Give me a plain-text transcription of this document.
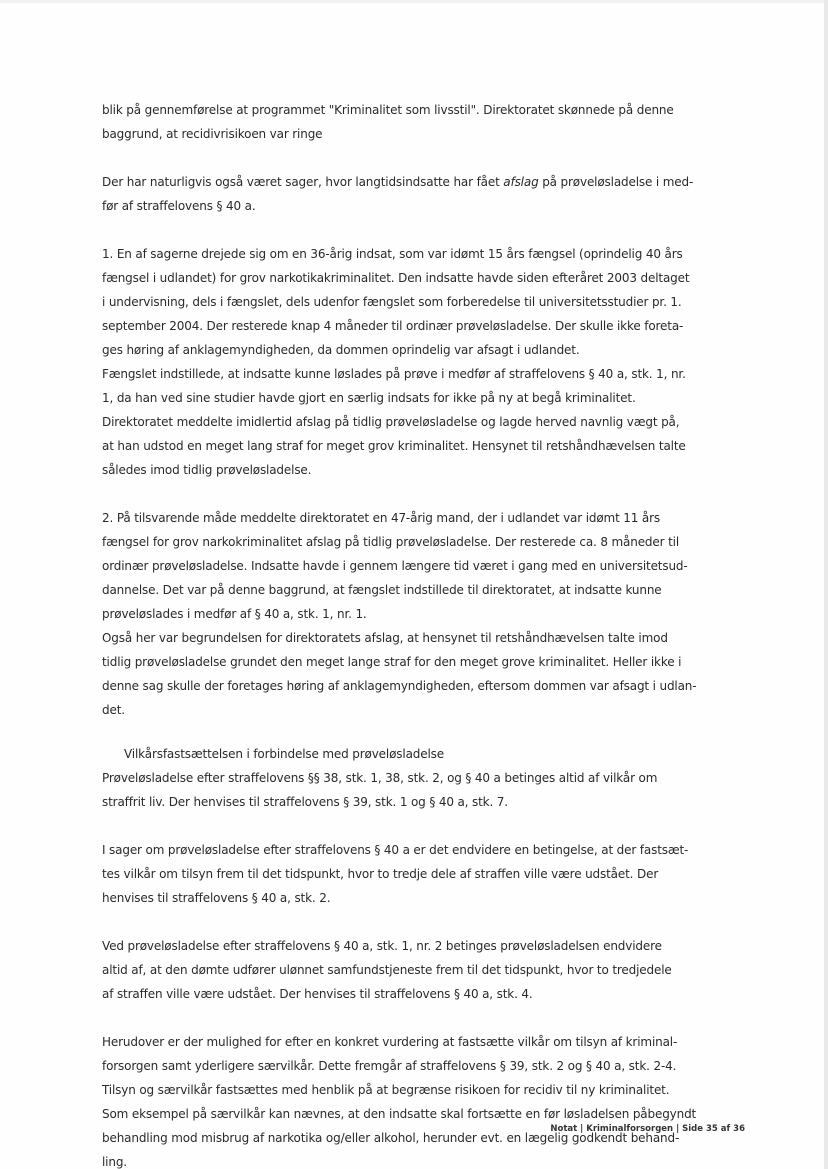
blik på gennemførelse at programmet "Kriminalitet som livsstil". Direktoratet skønnede på denne
baggrund, at recidivrisikoen var ringe
Der har naturligvis også været sager, hvor langtidsindsatte har fået afslag på prøveløsladelse i med-
før af straffelovens § 40 a.
1. En af sagerne drejede sig om en 36-årig indsat, som var idømt 15 års fængsel (oprindelig 40 års
fængsel i udlandet) for grov narkotikakriminalitet. Den indsatte havde siden efteråret 2003 deltaget
i undervisning, dels i fængslet, dels udenfor fængslet som forberedelse til universitetsstudier pr. 1.
september 2004. Der resterede knap 4 måneder til ordinær prøveløsladelse. Der skulle ikke foreta-
ges høring af anklagemyndigheden, da dommen oprindelig var afsagt i udlandet.
Fængslet indstillede, at indsatte kunne løslades på prøve i medfør af straffelovens § 40 a, stk. 1, nr.
1, da han ved sine studier havde gjort en særlig indsats for ikke på ny at begå kriminalitet.
Direktoratet meddelte imidlertid afslag på tidlig prøveløsladelse og lagde herved navnlig vægt på,
at han udstod en meget lang straf for meget grov kriminalitet. Hensynet til retshåndhævelsen talte
således imod tidlig prøveløsladelse.
2. På tilsvarende måde meddelte direktoratet en 47-årig mand, der i udlandet var idømt 11 års
fængsel for grov narkokriminalitet afslag på tidlig prøveløsladelse. Der resterede ca. 8 måneder til
ordinær prøveløsladelse. Indsatte havde i gennem længere tid været i gang med en universitetsud-
dannelse. Det var på denne baggrund, at fængslet indstillede til direktoratet, at indsatte kunne
prøveløslades i medfør af § 40 a, stk. 1, nr. 1.
Også her var begrundelsen for direktoratets afslag, at hensynet til retshåndhævelsen talte imod
tidlig prøveløsladelse grundet den meget lange straf for den meget grove kriminalitet. Heller ikke i
denne sag skulle der foretages høring af anklagemyndigheden, eftersom dommen var afsagt i udlan-
det.
Vilkårsfastsættelsen i forbindelse med prøveløsladelse
Prøveløsladelse efter straffelovens §§ 38, stk. 1, 38, stk. 2, og § 40 a betinges altid af vilkår om
straffrit liv. Der henvises til straffelovens § 39, stk. 1 og § 40 a, stk. 7.
I sager om prøveløsladelse efter straffelovens § 40 a er det endvidere en betingelse, at der fastsæt-
tes vilkår om tilsyn frem til det tidspunkt, hvor to tredje dele af straffen ville være udstået. Der
henvises til straffelovens § 40 a, stk. 2.
Ved prøveløsladelse efter straffelovens § 40 a, stk. 1, nr. 2 betinges prøveløsladelsen endvidere
altid af, at den dømte udfører ulønnet samfundstjeneste frem til det tidspunkt, hvor to tredjedele
af straffen ville være udstået. Der henvises til straffelovens § 40 a, stk. 4.
Herudover er der mulighed for efter en konkret vurdering at fastsætte vilkår om tilsyn af kriminal-
forsorgen samt yderligere særvilkår. Dette fremgår af straffelovens § 39, stk. 2 og § 40 a, stk. 2-4.
Tilsyn og særvilkår fastsættes med henblik på at begrænse risikoen for recidiv til ny kriminalitet.
Som eksempel på særvilkår kan nævnes, at den indsatte skal fortsætte en før løsladelsen påbegyndt
behandling mod misbrug af narkotika og/eller alkohol, herunder evt. en lægelig godkendt behand-
ling.
Notat | Kriminalforsorgen | Side 35 af 36
